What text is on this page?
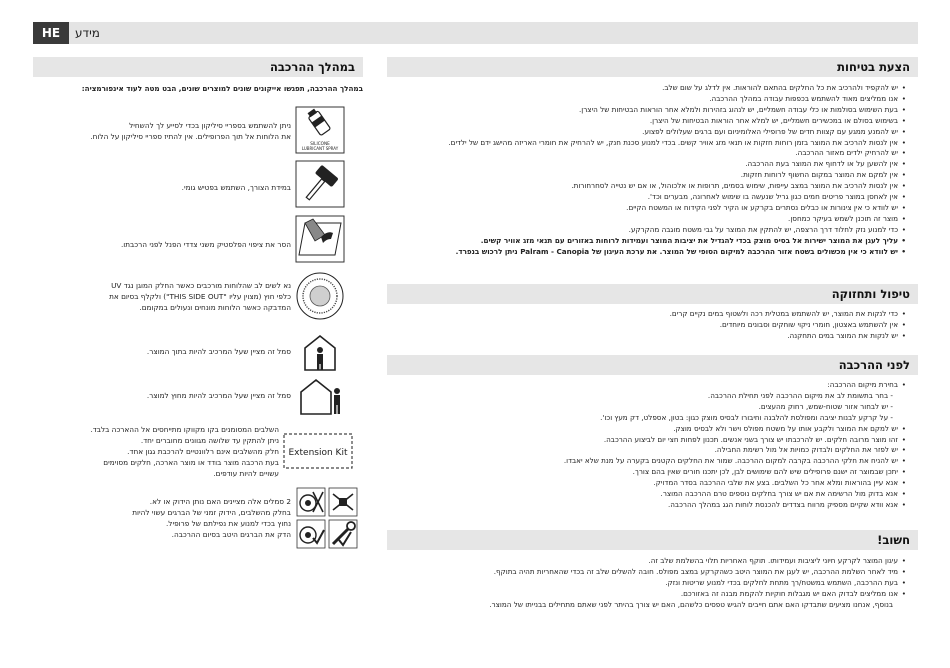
HE	מידע
הצעת בטיחות
• יש להקפיד ולהרכיב את כל החלקים בהתאם להוראות. אין לדלג על שום שלב.
• אנו ממליצים מאוד להשתמש בכפפות עבודה במהלך ההרכבה.
• בעת השימוש בסולמות או כלי עבודה חשמליים, יש לנהוג בזהירות ולמלא אחר הוראות הבטיחות של היצרן.
• בשימוש בסולם או במכשירים חשמליים, יש למלא אחר הוראות הבטיחות של היצרן.
• יש להמנע ממגע עם קצוות חדים של פרופילי האלומיניום ועם ברגים שעלולים לפצוע.
• אין לנסות להרכיב את המוצר בזמן רוחות חזקות או תנאי מזג אוויר קשים. בכדי למנוע סכנת חנק, יש להרחיק את חומרי האריזה מהישג ידם של ילדים.
• יש להרחיק ילדים מאזור ההרכבה.
• אין להשען על או לדחוף את המוצר בעת ההרכבה.
• אין למקם את המוצר במקום החשוף לרוחות חזקות.
• אין לנסות להרכיב את המוצר במצב עייפות, שימוש בסמים, תרופות או אלכוהול, או אם יש נטייה לסחרחורות.
• אין לאחסן במוצר פריטים חמים כגון גריל שנעשה בו שימוש לאחרונה, מבערים וכד'.
• יש לוודא כי אין צינורות או כבלים נסתרים בקרקע או הקיר לפני הקידוח או המשטח הקיים.
• מוצר זה תוכנן לשמש בעיקר כמחסן.
• כדי למנוע נזק לחלוד דרך הרצפה, יש להתקין את המוצר על גבי משטח מוגבה מהקרקע.
• עליך לעגן את המוצר ישירות אל בסיס מוצק בכדי להגדיל את יציבות המוצר ועמידות לרוחות באזורים עם תנאי מזג אוויר קשים.
• יש לוודא כי אין מכשולים בשטח אזור ההרכבה למיקום הסופי של המוצר. את ערכת העיגון של Palram - Canopia ניתן לרכוש בנפרד.
טיפול ותחזוקה
• כדי לנקות את המוצר, יש להשתמש במטלית רכה ולשטוף במים נקיים קרים.
• אין להשתמש באצטון, חומרי ניקוי שוחקים וסבונים מיוחדים.
• יש לנקות את המוצר במים התחקנה.
לפני ההרכבה
• בחירת מיקום ההרכבה:
- בחר בתשומת לב את מיקום ההרכבה לפני תחילת ההרכבה.
- יש לבחור אזור שטוח-שמש, רחוק מהעצים.
- על קרקע לבנות יציבה ומפולסת להלבנה וחיבורו לבסיס מוצק כגון: בטון, אספלט, דק מעץ וכו'.
• יש למקם את המוצר ולקבע אותו על משטח מפולס וישר ולא לבסיס מוצק.
• זהו מוצר מרובה חלקים. יש להרכבתו יש צורך בשני אנשים. תכנון לפחות חצי יום לביצוע ההרכבה.
• יש לפזר את החלקים ולבדוק כמויות אל מול רשימת החבילה.
• יש להניח את חלקי ההרכבה בקרבה למקום ההרכבה. שמור את החלקים הקטנים בקערה על מנת שלא יאבדו.
• יתכן שבמוצר זה ישנם פרופילים שיש להם שימושים לבן, לכן יתכנו חורים שאין בהם צורך.
• אנא עיין בהוראות ומלא אחר כל השלבים. בצע את שלבי ההרכבה בסדר המדויק.
• אנא בדוק מול הרשימה את אם יש צורך בחלקים נוספים טרם ההרכבה המוצר.
• אנא וודא שקיים מספיק מרווח בצדדים להכנסת לוחות הגג במהלך ההרכבה.
חשוב!
• עיגון המוצר לקרקע חיוני ליציבות ועמידותו. תוקף האחריות תלוי בהשלמת שלב זה.
• מיד לאחר השלמת ההרכבה, יש לעגן את המוצר היטב כשהקרקע במצב מפולס. חובה להשלים שלב זה בכדי שהאחריות תהיה בתוקף.
• בעת ההרכבה, השתמש במשטח/רך מתחת לחלקים בכדי למנוע שריטות ונזק.
• אנו ממליצים לבדוק האם יש מגבלות חוקיות להקמת מבנה זה באזורכם.
בנוסף, אנחנו מציעים שתבדקו האם אתם חייבים להגיש טפסים כלשהם, האם יש צורך בהיתר לפני שאתם מתחילים בבנייתו של המוצר.
במהלך ההרכבה
במהלך ההרכבה, תפגשו אייקונים שונים למוצרים שונים, הבט מטה לעוד אינפורמציה:
SILICONE
LUBRICANT SPRAY
ניתן להשתמש בספריי סיליקון בכדי לסייע לך להשחיל
את הלוחות אל תוך הפרופילים. אין להתיז ספריי סיליקון על הלוח.
במידת הצורך, השתמש בפטיש גומי.
הסר את ציפוי הפלסטיק משני צדדי הפנל לפני הרכבתו.
נא לשים לב שהלוחות מורכבים כאשר החלק המוגן נגד UV
כלפי חוץ (מצוין עליו "THIS SIDE OUT") ולקלף בסיום את
המדבקה כאשר הלוחות מונחים ונעולים במקומם.
סמל זה מציין שעל המרכיב להיות בתוך המוצר.
סמל זה מציין שעל המרכיב להיות מחוץ למוצר.
Extension Kit
השלבים המסומנים בקו מקווקו מתייחסים אל ההארכה בלבד.
ניתן להתקין עד שלושה מגוונים מחוברים יחד.
חלק מהשלבים אינם רלוונטיים להרכבת גגון אחד.
בעת הרכבה מוצר בודד או מוצר הארכה, חלקים מסוימים
עשויים להיות עודפים.
2 סמלים אלה מציינים האם נותן הידוק או לא.
בחלק מהשלבים, הידוק זמני של הברגים עשוי להיות
נחוץ בכדי למנוע את נפילתם של פרופיל.
הדק את הברגים היטב בסיום ההרכבה.
